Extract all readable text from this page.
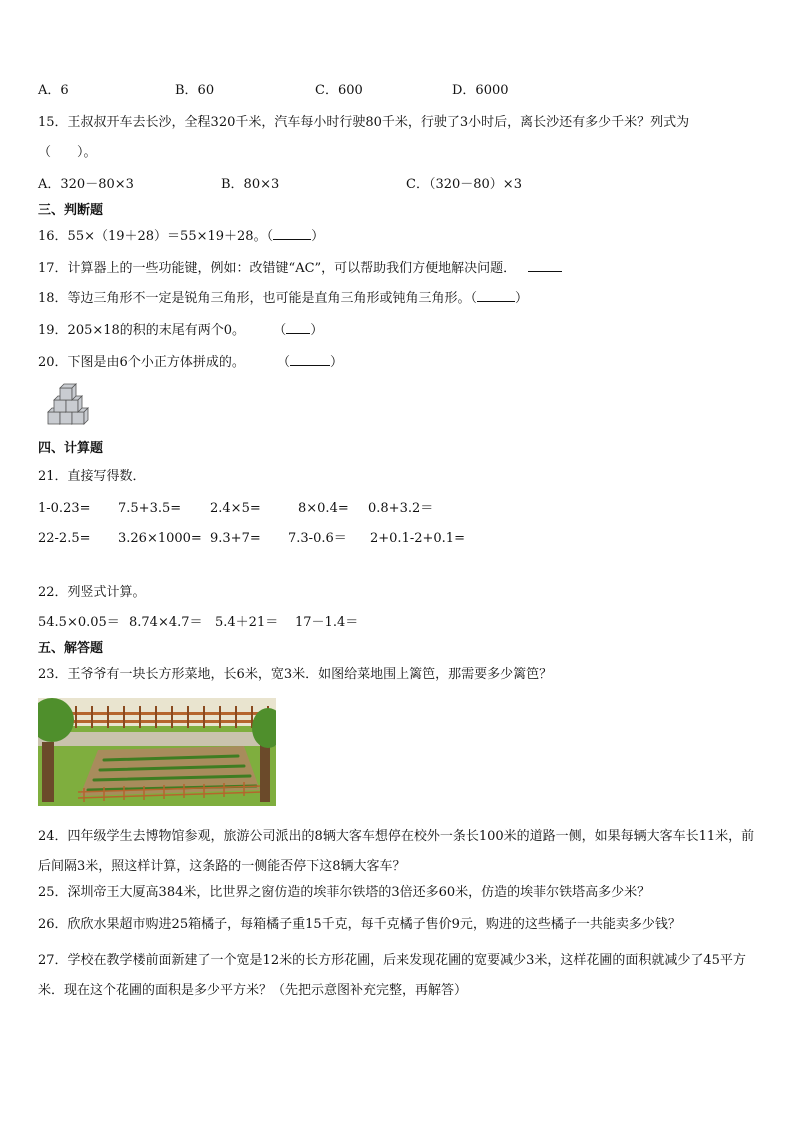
A．6	B．60	C．600	D．6000
15．王叔叔开车去长沙，全程320千米，汽车每小时行驶80千米，行驶了3小时后，离长沙还有多少千米？列式为
（　　）。
A．320－80×3	B．80×3	C．（320－80）×3
三、判断题
16．55×（19＋28）＝55×19＋28。（	）
17．计算器上的一些功能键，例如：改错键“AC”，可以帮助我们方便地解决问题．
18．等边三角形不一定是锐角三角形，也可能是直角三角形或钝角三角形。（	）
19．205×18的积的末尾有两个0。 （ ）
20．下图是由6个小正方体拼成的。 （	）
四、计算题
21．直接写得数．
1-0.23= 7.5+3.5= 2.4×5=	8×0.4= 0.8+3.2＝
22-2.5= 3.26×1000= 9.3+7= 7.3-0.6＝ 2+0.1-2+0.1=
22．列竖式计算。
54.5×0.05＝ 8.74×4.7＝ 5.4＋21＝ 17－1.4＝
五、解答题
23．王爷爷有一块长方形菜地，长6米，宽3米．如图给菜地围上篱笆，那需要多少篱笆？
24．四年级学生去博物馆参观，旅游公司派出的8辆大客车想停在校外一条长100米的道路一侧，如果每辆大客车长11米，前后间隔3米，照这样计算，这条路的一侧能否停下这8辆大客车？
25．深圳帝王大厦高384米，比世界之窗仿造的埃菲尔铁塔的3倍还多60米，仿造的埃菲尔铁塔高多少米？
26．欣欣水果超市购进25箱橘子，每箱橘子重15千克，每千克橘子售价9元，购进的这些橘子一共能卖多少钱？
27．学校在教学楼前面新建了一个宽是12米的长方形花圃，后来发现花圃的宽要减少3米，这样花圃的面积就减少了45平方米．现在这个花圃的面积是多少平方米？（先把示意图补充完整，再解答）
